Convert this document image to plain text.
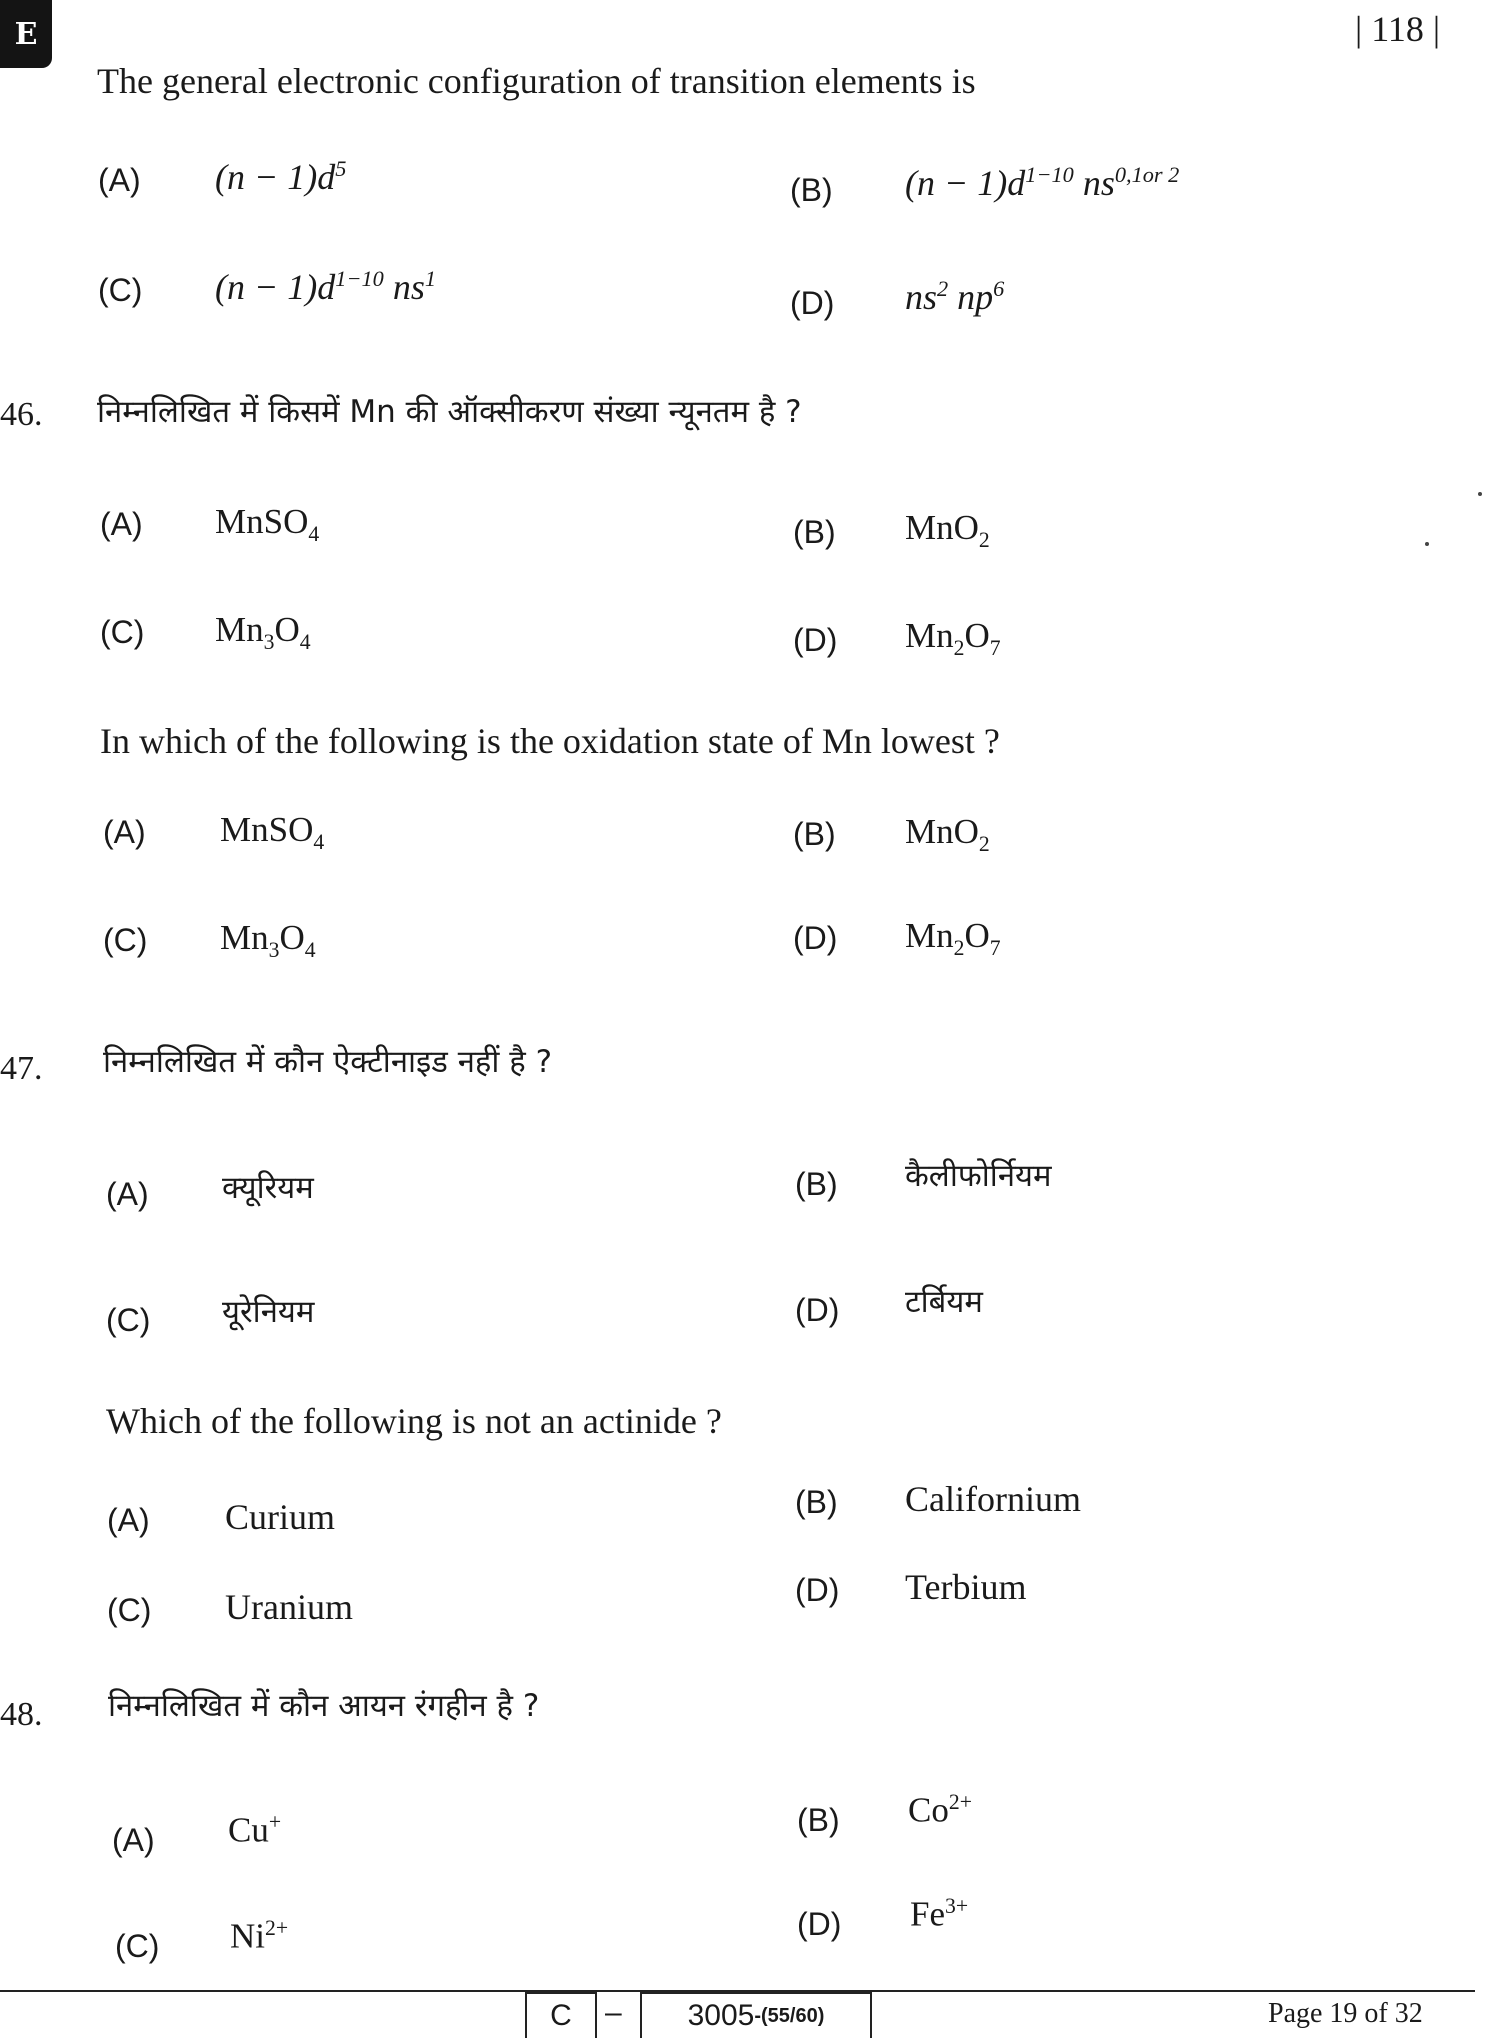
E	| 118 |
The general electronic configuration of transition elements is
(A) $(n - 1)d^5$
(B) $(n - 1)d^{1-10}$ $ns^{0,1or 2}$
(C) $(n - 1)d^{1-10}$ $ns^1$
(D) $ns^2$ $np^6$
46. निम्नलिखित में किसमें Mn की ऑक्सीकरण संख्या न्यूनतम है ?
(A) MnSO$_4$	(B) MnO$_2$
(C) $Mn_3O_4$	(D) $Mn_2O_7$
In which of the following is the oxidation state of Mn lowest ?
(A) MnSO$_4$	(B) MnO$_2$
(C) $Mn_3O_4$	(D) $Mn_2O_7$
47. निम्नलिखित में कौन ऐक्टीनाइड नहीं है ?
(A) क्यूरियम	(B) कैलीफोर्नियम
(C) यूरेनियम	(D) टर्बियम
Which of the following is not an actinide ?
(A) Curium	(B) Californium
(C) Uranium	(D) Terbium
48. निम्नलिखित में कौन आयन रंगहीन है ?
(A) Cu+	(B) $Co^{2+}$
(C) $Ni^{2+}$	(D) $Fe^{3+}$
C – 3005 -(55/60)	Page 19 of 32
